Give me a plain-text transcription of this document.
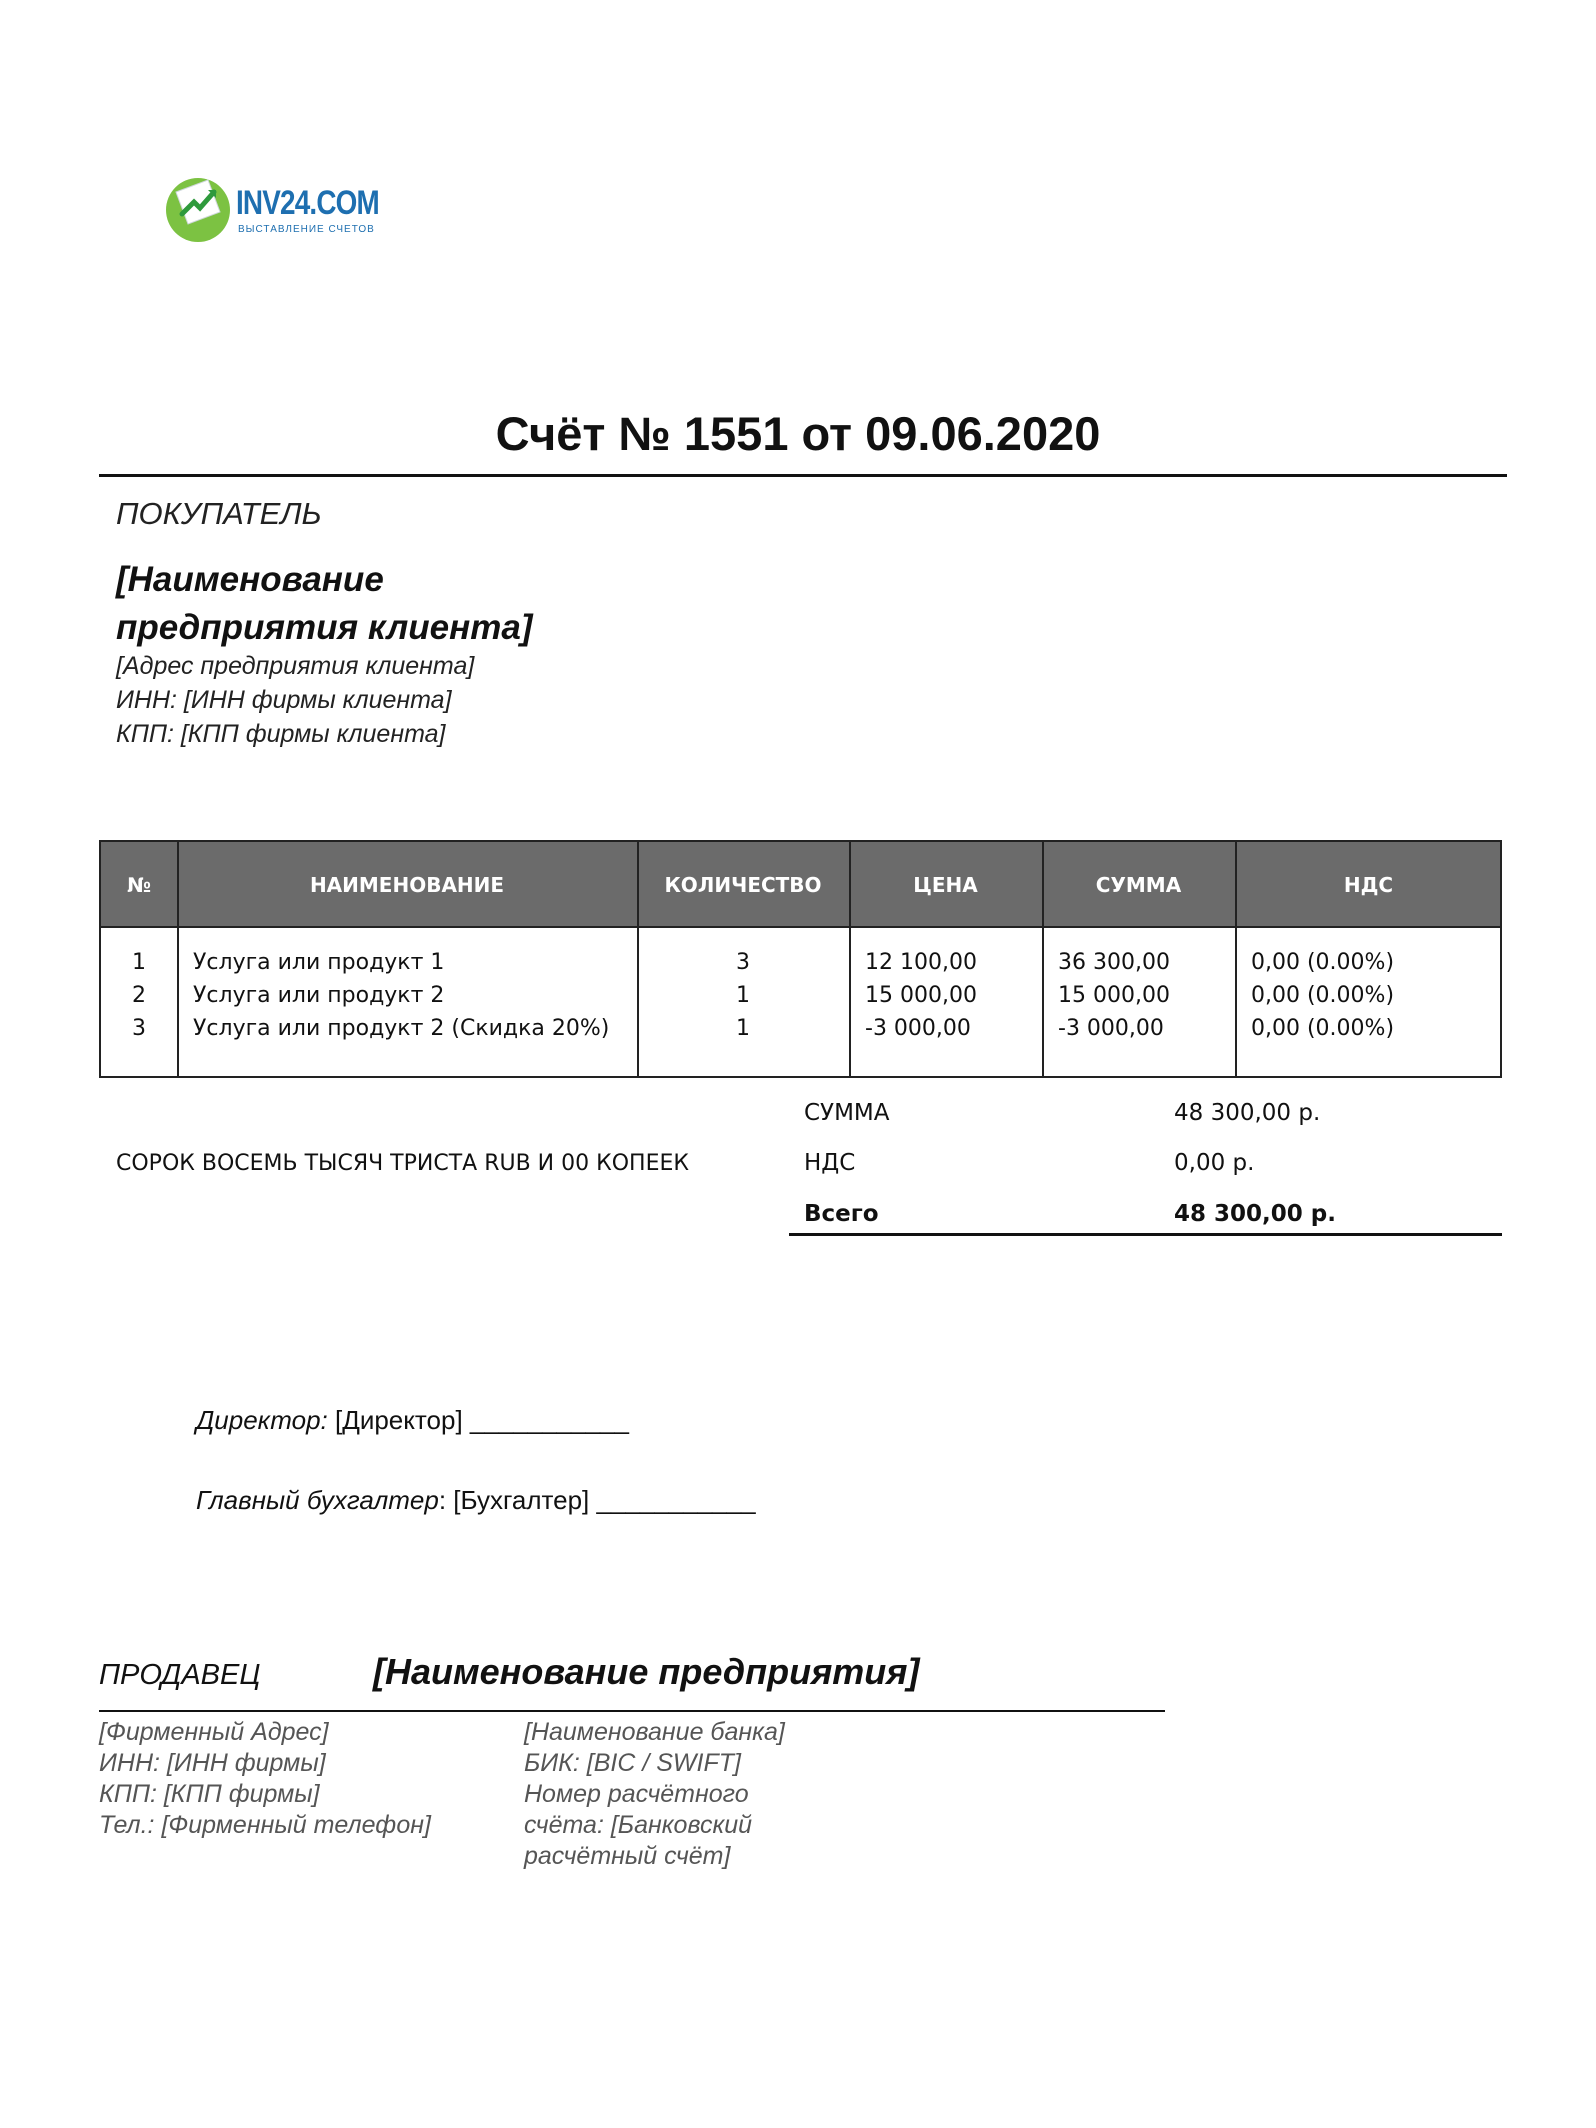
INV24.COM
ВЫСТАВЛЕНИЕ СЧЕТОВ
Счёт № 1551 от 09.06.2020
ПОКУПАТЕЛЬ
[Наименование
предприятия клиента]
[Адрес предприятия клиента]
ИНН: [ИНН фирмы клиента]
КПП: [КПП фирмы клиента]
№	НАИМЕНОВАНИЕ	КОЛИЧЕСТВО	ЦЕНА	СУММА	НДС
1	Услуга или продукт 1	3	12 100,00	36 300,00	0,00 (0.00%)
2	Услуга или продукт 2	1	15 000,00	15 000,00	0,00 (0.00%)
3	Услуга или продукт 2 (Скидка 20%)	1	-3 000,00	-3 000,00	0,00 (0.00%)
СУММА	48 300,00 р.
СОРОК ВОСЕМЬ ТЫСЯЧ ТРИСТА RUB И 00 КОПЕЕК	НДС	0,00 р.
Всего	48 300,00 р.
Директор: [Директор] ___________
Главный бухгалтер: [Бухгалтер] ___________
ПРОДАВЕЦ	[Наименование предприятия]
[Фирменный Адрес]
ИНН: [ИНН фирмы]
КПП: [КПП фирмы]
Тел.: [Фирменный телефон]
[Наименование банка]
БИК: [BIC / SWIFT]
Номер расчётного
счёта: [Банковский
расчётный счёт]
